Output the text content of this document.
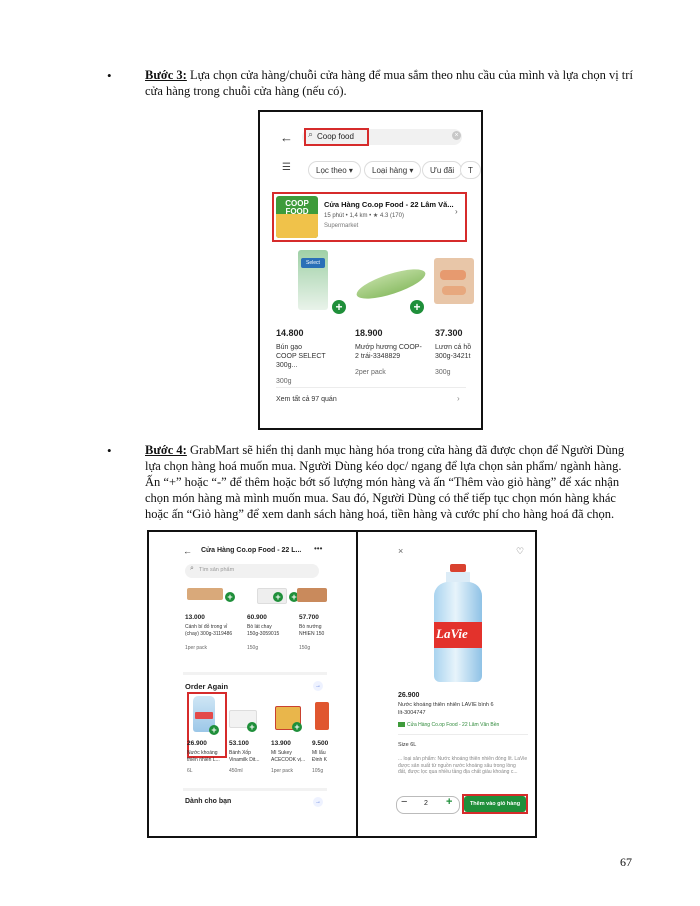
•	Bước 3: Lựa chọn cửa hàng/chuỗi cửa hàng để mua sắm theo nhu cầu của mình và lựa chọn vị trí
cửa hàng trong chuỗi cửa hàng (nếu có).
← ⌕ Coop food	×
☰	Lọc theo ▾	Loại hàng ▾	Ưu đãi	T
COOP FOOD
Cửa Hàng Co.op Food - 22 Lâm Vă...
15 phút • 1,4 km • ★ 4.3 (170)
Supermarket
›
Select
+	+
14.800
Bún gạo
COOP SELECT 300g...
300g
18.900
Mướp hương COOP-
2 trái-3348829
2per pack
37.300
Lươn cá hồ
300g-3421t
300g
Xem tất cả 97 quán	›
•	Bước 4: GrabMart sẽ hiển thị danh mục hàng hóa trong cửa hàng đã được chọn để Người Dùng
lựa chọn hàng hoá muốn mua. Người Dùng kéo dọc/ ngang để lựa chọn sản phẩm/ ngành hàng.
Ấn “+” hoặc “-” để thêm hoặc bớt số lượng món hàng và ấn “Thêm vào giỏ hàng” để xác nhận
chọn món hàng mà mình muốn mua. Sau đó, Người Dùng có thể tiếp tục chọn món hàng khác
hoặc ấn “Giỏ hàng” để xem danh sách hàng hoá, tiền hàng và cước phí cho hàng hoá đã chọn.
← Cửa Hàng Co.op Food - 22 L... •••
⌕ Tìm sản phẩm
+	+ +
13.000
Cánh bí đỏ trong vỉ
(chay) 300g-3119486
1per pack
60.900
Bò lát chay
150g-3059015
150g
57.700
Bò nướng
NHIEN 150
150g
Order Again	→
+	+	+
26.900
Nước khoáng
thiên nhiên L...
6L
53.100
Bánh Xốp
Vinamilk Dit...
450ml
13.900
Mì Sukey
ACECOOK vị...
1per pack
9.500
Mì lẩu
Đinh K
105g
Dành cho bạn	→
×	♡
LaVie
26.900
Nước khoáng thiên nhiên LAVIE bình 6
lít-3004747
Cửa Hàng Co.op Food - 22 Lâm Văn Bền
Size 6L
... loại sản phẩm: Nước khoáng thiên nhiên đóng lít. LaVie
được sản xuất từ nguồn nước khoáng sâu trong lòng
đất, được lọc qua nhiều tầng địa chất giàu khoáng c...
− 2 +	Thêm vào giỏ hàng
67
